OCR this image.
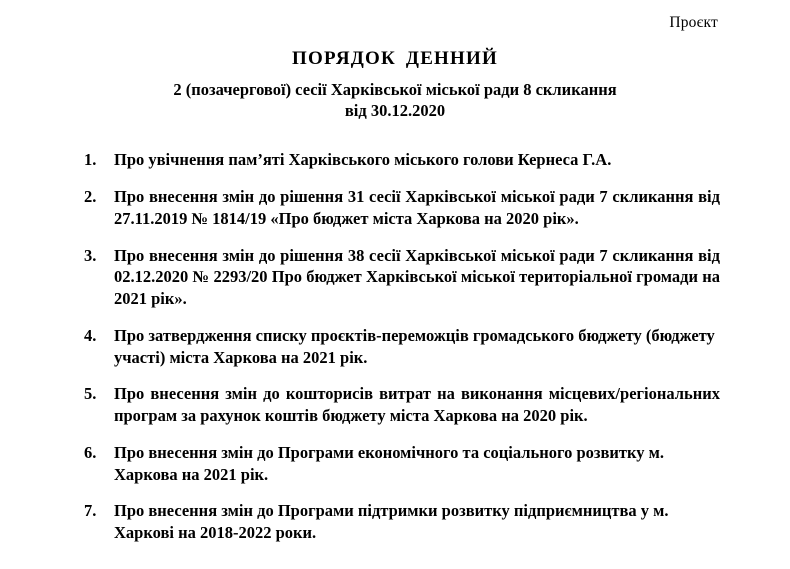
Проєкт
ПОРЯДОК ДЕННИЙ
2 (позачергової) сесії Харківської міської ради 8 скликання
від 30.12.2020
1.	Про увічнення пам’яті Харківського міського голови Кернеса Г.А.
2.	Про внесення змін до рішення 31 сесії Харківської міської ради 7 скликання від 27.11.2019 № 1814/19 «Про бюджет міста Харкова на 2020 рік».
3.	Про внесення змін до рішення 38 сесії Харківської міської ради 7 скликання від 02.12.2020 № 2293/20 Про бюджет Харківської міської територіальної громади на 2021 рік».
4.	Про затвердження списку проєктів-переможців громадського бюджету (бюджету участі) міста Харкова на 2021 рік.
5.	Про внесення змін до кошторисів витрат на виконання місцевих/регіональних програм за рахунок коштів бюджету міста Харкова на 2020 рік.
6.	Про внесення змін до Програми економічного та соціального розвитку м. Харкова на 2021 рік.
7.	Про внесення змін до Програми підтримки розвитку підприємництва у м. Харкові на 2018-2022 роки.
